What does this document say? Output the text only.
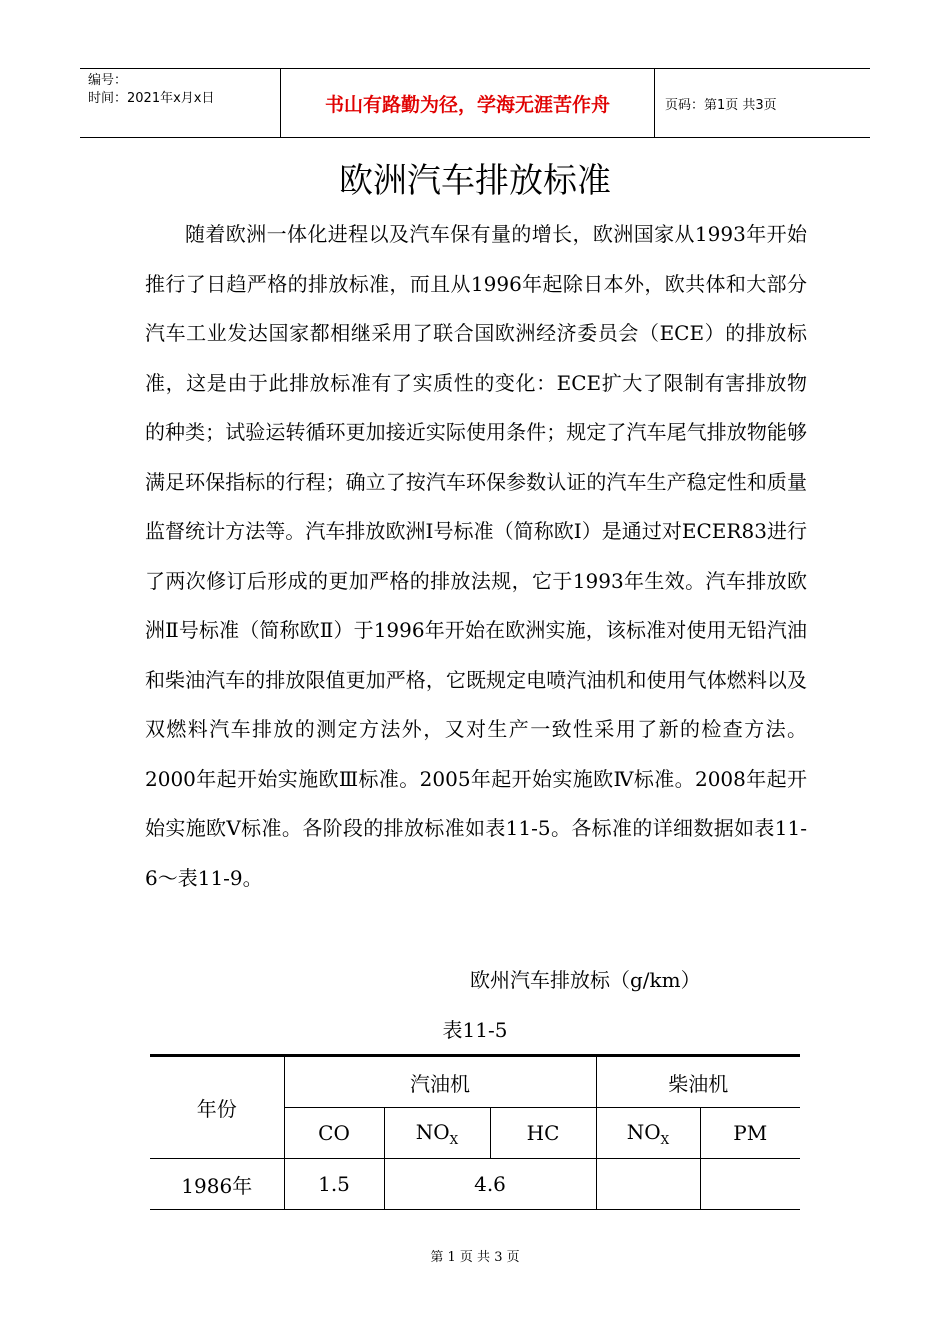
编号：
时间：2021年x月x日	书山有路勤为径，学海无涯苦作舟	页码：第1页 共3页
欧洲汽车排放标准

随着欧洲一体化进程以及汽车保有量的增长，欧洲国家从1993年开始推行了日趋严格的排放标准，而且从1996年起除日本外，欧共体和大部分汽车工业发达国家都相继采用了联合国欧洲经济委员会（ECE）的排放标准，这是由于此排放标准有了实质性的变化：ECE扩大了限制有害排放物的种类；试验运转循环更加接近实际使用条件；规定了汽车尾气排放物能够满足环保指标的行程；确立了按汽车环保参数认证的汽车生产稳定性和质量监督统计方法等。汽车排放欧洲Ⅰ号标准（简称欧Ⅰ）是通过对ECER83进行了两次修订后形成的更加严格的排放法规，它于1993年生效。汽车排放欧洲Ⅱ号标准（简称欧Ⅱ）于1996年开始在欧洲实施，该标准对使用无铅汽油和柴油汽车的排放限值更加严格，它既规定电喷汽油机和使用气体燃料以及双燃料汽车排放的测定方法外，又对生产一致性采用了新的检查方法。2000年起开始实施欧Ⅲ标准。2005年起开始实施欧Ⅳ标准。2008年起开始实施欧Ⅴ标准。各阶段的排放标准如表11-5。各标准的详细数据如表11-6～表11-9。

欧州汽车排放标（g/km）
表11-5
年份	汽油机			柴油机	
	CO	$NO_X$	HC	$NO_X$	PM
1986年	1.5	4.6			
第 1 页 共 3 页
